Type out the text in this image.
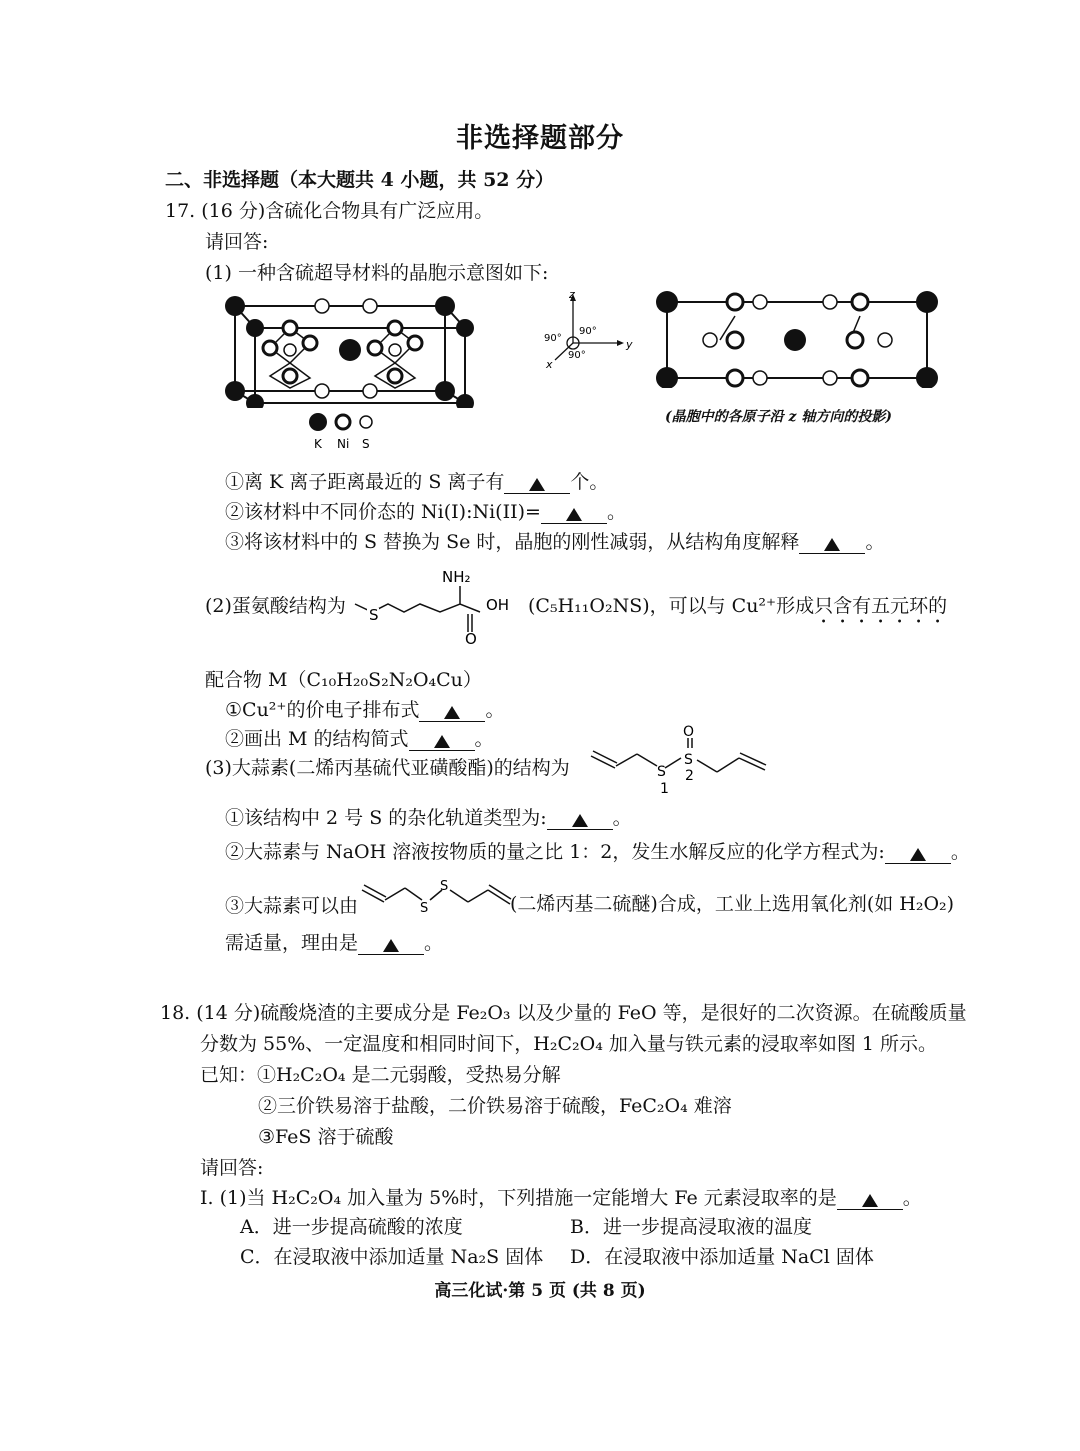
非选择题部分
二、非选择题（本大题共 4 小题，共 52 分）
17. (16 分)含硫化合物具有广泛应用。
请回答:
(1) 一种含硫超导材料的晶胞示意图如下:
K Ni S
z
y
x
90°
90°
90°
(晶胞中的各原子沿 z 轴方向的投影)
①离 K 离子距离最近的 S 离子有	个。
②该材料中不同价态的 Ni(I):Ni(II)=	。
③将该材料中的 S 替换为 Se 时，晶胞的刚性减弱，从结构角度解释	。
(2)蛋氨酸结构为 S
NH₂
O
OH (C₅H₁₁O₂NS)，可以与 Cu²⁺形成只含有五元环的
配合物 M（C₁₀H₂₀S₂N₂O₄Cu）
①Cu²⁺的价电子排布式	。
②画出 M 的结构简式	。
(3)大蒜素(二烯丙基硫代亚磺酸酯)的结构为
O
S
S
1
2
①该结构中 2 号 S 的杂化轨道类型为:	。
②大蒜素与 NaOH 溶液按物质的量之比 1：2，发生水解反应的化学方程式为:	。
③大蒜素可以由	S
S
(二烯丙基二硫醚)合成，工业上选用氧化剂(如 H₂O₂)
需适量，理由是	。
18. (14 分)硫酸烧渣的主要成分是 Fe₂O₃ 以及少量的 FeO 等，是很好的二次资源。在硫酸质量
分数为 55%、一定温度和相同时间下，H₂C₂O₄ 加入量与铁元素的浸取率如图 1 所示。
已知：①H₂C₂O₄ 是二元弱酸，受热易分解
②三价铁易溶于盐酸，二价铁易溶于硫酸，FeC₂O₄ 难溶
③FeS 溶于硫酸
请回答:
I. (1)当 H₂C₂O₄ 加入量为 5%时，下列措施一定能增大 Fe 元素浸取率的是	。
A．进一步提高硫酸的浓度	B．进一步提高浸取液的温度
C．在浸取液中添加适量 Na₂S 固体 D．在浸取液中添加适量 NaCl 固体
高三化试·第 5 页 (共 8 页)
